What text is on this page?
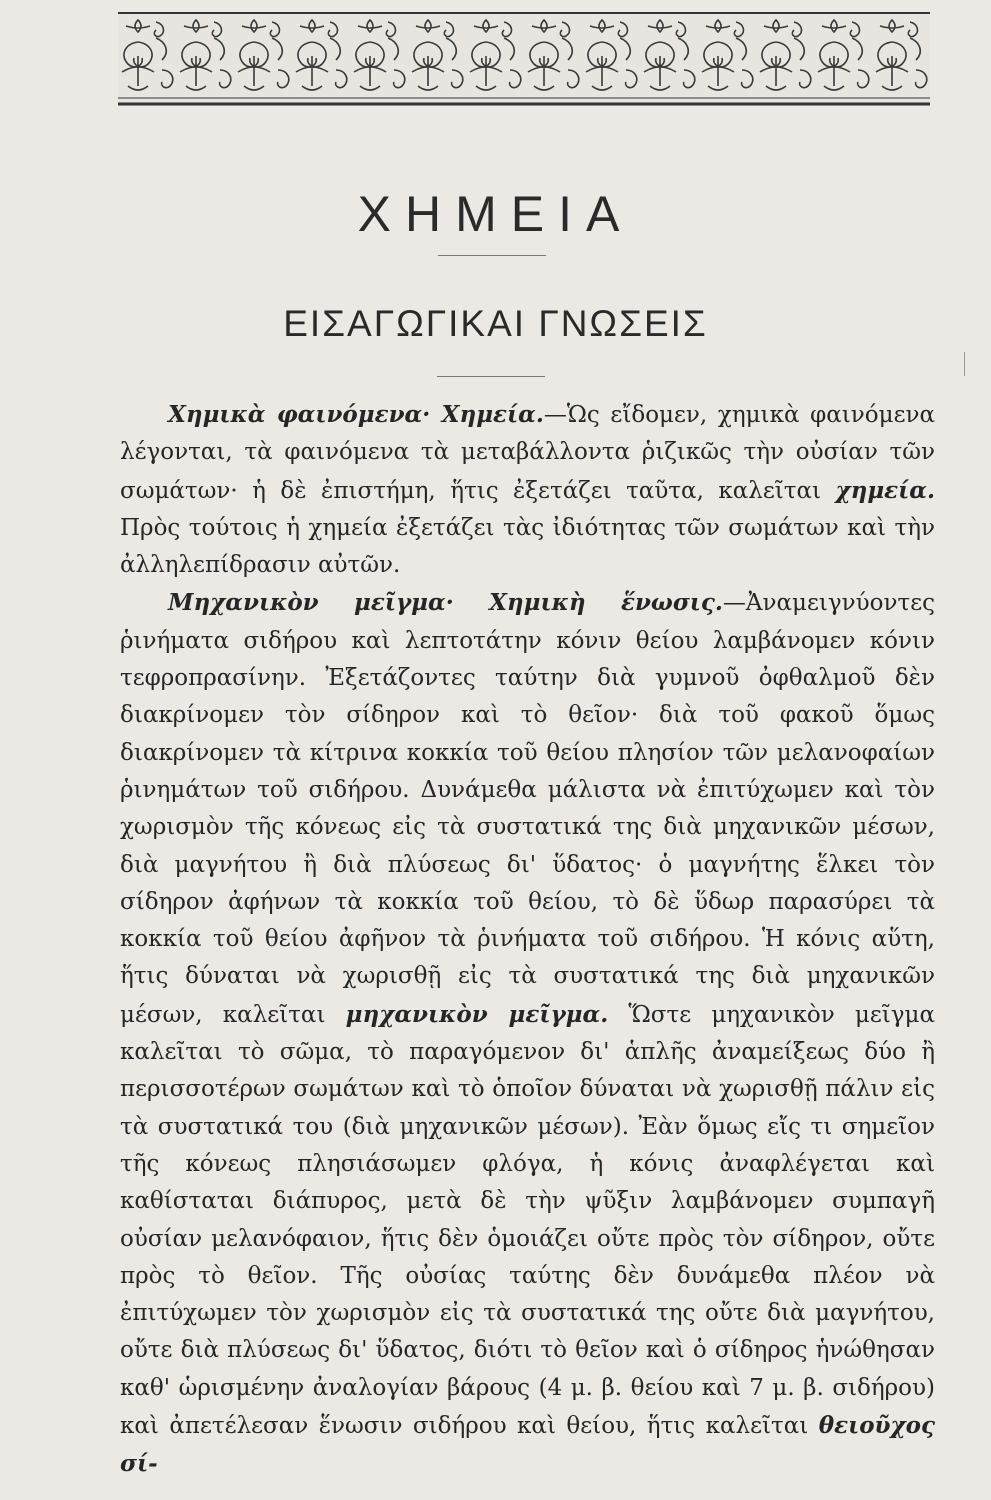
ΧΗΜΕΙΑ
ΕΙΣΑΓΩΓΙΚΑΙ ΓΝΩΣΕΙΣ

Χημικὰ φαινόμενα· Χημεία.—Ὡς εἴδομεν, χημικὰ φαινόμενα λέγονται, τὰ φαινόμενα τὰ μεταβάλλοντα ῥιζικῶς τὴν οὐσίαν τῶν σωμάτων· ἡ δὲ ἐπιστήμη, ἥτις ἐξετάζει ταῦτα, καλεῖται χημεία. Πρὸς τούτοις ἡ χημεία ἐξετάζει τὰς ἰδιότητας τῶν σωμάτων καὶ τὴν ἀλληλεπίδρασιν αὐτῶν.

Μηχανικὸν μεῖγμα· Χημικὴ ἕνωσις.—Ἀναμειγνύοντες ῥινήματα σιδήρου καὶ λεπτοτάτην κόνιν θείου λαμβάνομεν κόνιν τεφροπρασίνην. Ἐξετάζοντες ταύτην διὰ γυμνοῦ ὀφθαλμοῦ δὲν διακρίνομεν τὸν σίδηρον καὶ τὸ θεῖον· διὰ τοῦ φακοῦ ὅμως διακρίνομεν τὰ κίτρινα κοκκία τοῦ θείου πλησίον τῶν μελανοφαίων ῥινημάτων τοῦ σιδήρου. Δυνάμεθα μάλιστα νὰ ἐπιτύχωμεν καὶ τὸν χωρισμὸν τῆς κόνεως εἰς τὰ συστατικά της διὰ μηχανικῶν μέσων, διὰ μαγνήτου ἢ διὰ πλύσεως δι' ὕδατος· ὁ μαγνήτης ἕλκει τὸν σίδηρον ἀφήνων τὰ κοκκία τοῦ θείου, τὸ δὲ ὕδωρ παρασύρει τὰ κοκκία τοῦ θείου ἀφῆνον τὰ ῥινήματα τοῦ σιδήρου. Ἡ κόνις αὕτη, ἥτις δύναται νὰ χωρισθῇ εἰς τὰ συστατικά της διὰ μηχανικῶν μέσων, καλεῖται μηχανικὸν μεῖγμα. Ὥστε μηχανικὸν μεῖγμα καλεῖται τὸ σῶμα, τὸ παραγόμενον δι' ἁπλῆς ἀναμείξεως δύο ἢ περισσοτέρων σωμάτων καὶ τὸ ὁποῖον δύναται νὰ χωρισθῇ πάλιν εἰς τὰ συστατικά του (διὰ μηχανικῶν μέσων). Ἐὰν ὅμως εἴς τι σημεῖον τῆς κόνεως πλησιάσωμεν φλόγα, ἡ κόνις ἀναφλέγεται καὶ καθίσταται διάπυρος, μετὰ δὲ τὴν ψῦξιν λαμβάνομεν συμπαγῆ οὐσίαν μελανόφαιον, ἥτις δὲν ὁμοιάζει οὔτε πρὸς τὸν σίδηρον, οὔτε πρὸς τὸ θεῖον. Τῆς οὐσίας ταύτης δὲν δυνάμεθα πλέον νὰ ἐπιτύχωμεν τὸν χωρισμὸν εἰς τὰ συστατικά της οὔτε διὰ μαγνήτου, οὔτε διὰ πλύσεως δι' ὕδατος, διότι τὸ θεῖον καὶ ὁ σίδηρος ἡνώθησαν καθ' ὡρισμένην ἀναλογίαν βάρους (4 μ. β. θείου καὶ 7 μ. β. σιδήρου) καὶ ἀπετέλεσαν ἕνωσιν σιδήρου καὶ θείου, ἥτις καλεῖται θειοῦχος σί-
